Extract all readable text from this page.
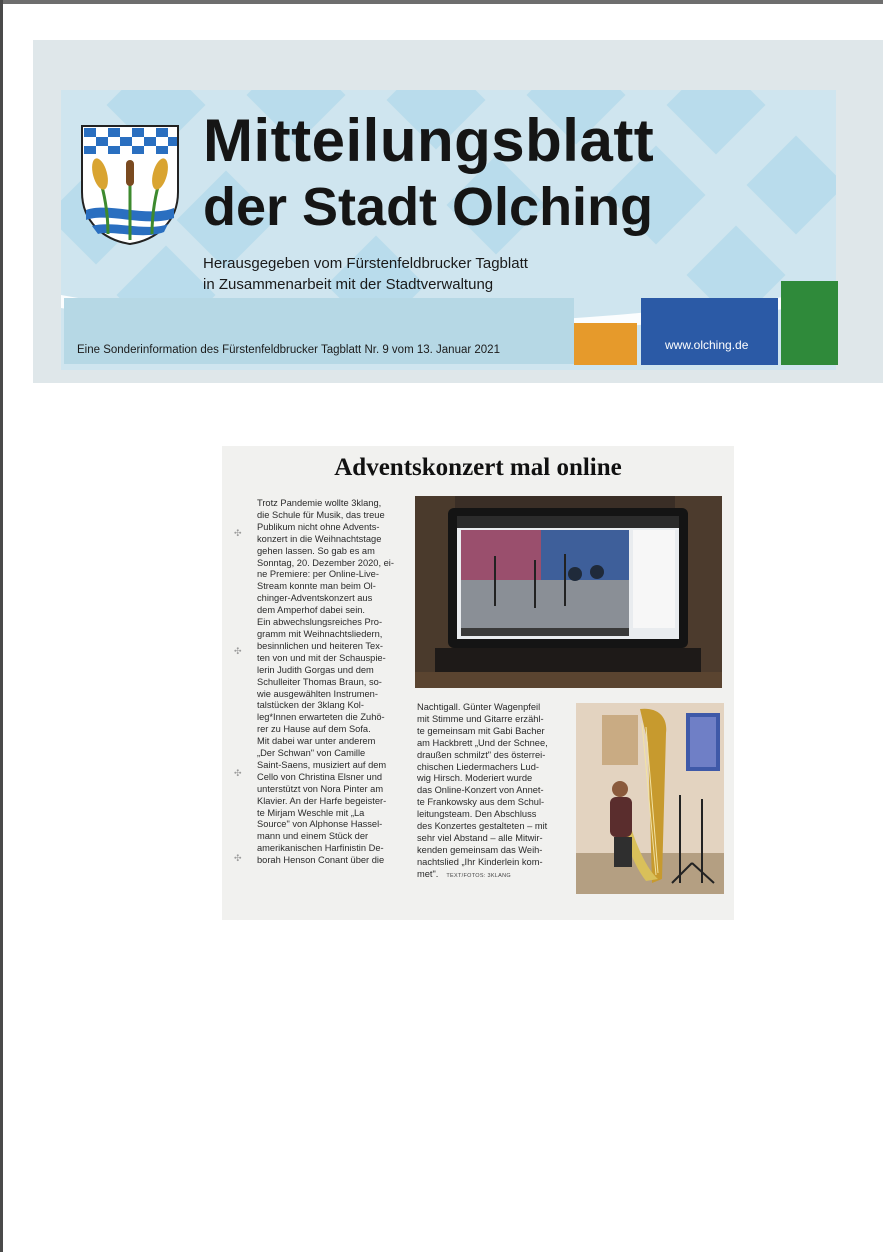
Mitteilungsblatt
der Stadt Olching
Herausgegeben vom Fürstenfeldbrucker Tagblatt
in Zusammenarbeit mit der Stadtverwaltung
Eine Sonderinformation des Fürstenfeldbrucker Tagblatt Nr. 9 vom 13. Januar 2021	www.olching.de
✣
✣
✣
✣
Adventskonzert mal online
Trotz Pandemie wollte 3klang,
die Schule für Musik, das treue
Publikum nicht ohne Advents-
konzert in die Weihnachtstage
gehen lassen. So gab es am
Sonntag, 20. Dezember 2020, ei-
ne Premiere: per Online-Live-
Stream konnte man beim Ol-
chinger-Adventskonzert aus
dem Amperhof dabei sein.
Ein abwechslungsreiches Pro-
gramm mit Weihnachtsliedern,
besinnlichen und heiteren Tex-
ten von und mit der Schauspie-
lerin Judith Gorgas und dem
Schulleiter Thomas Braun, so-
wie ausgewählten Instrumen-
talstücken der 3klang Kol-
leg*Innen erwarteten die Zuhö-
rer zu Hause auf dem Sofa.
Mit dabei war unter anderem
„Der Schwan" von Camille
Saint-Saens, musiziert auf dem
Cello von Christina Elsner und
unterstützt von Nora Pinter am
Klavier. An der Harfe begeister-
te Mirjam Weschle mit „La
Source" von Alphonse Hassel-
mann und einem Stück der
amerikanischen Harfinistin De-
borah Henson Conant über die
Nachtigall. Günter Wagenpfeil
mit Stimme und Gitarre erzähl-
te gemeinsam mit Gabi Bacher
am Hackbrett „Und der Schnee,
draußen schmilzt" des österrei-
chischen Liedermachers Lud-
wig Hirsch. Moderiert wurde
das Online-Konzert von Annet-
te Frankowsky aus dem Schul-
leitungsteam. Den Abschluss
des Konzertes gestalteten – mit
sehr viel Abstand – alle Mitwir-
kenden gemeinsam das Weih-
nachtslied „Ihr Kinderlein kom-
met". TEXT/FOTOS: 3KLANG
